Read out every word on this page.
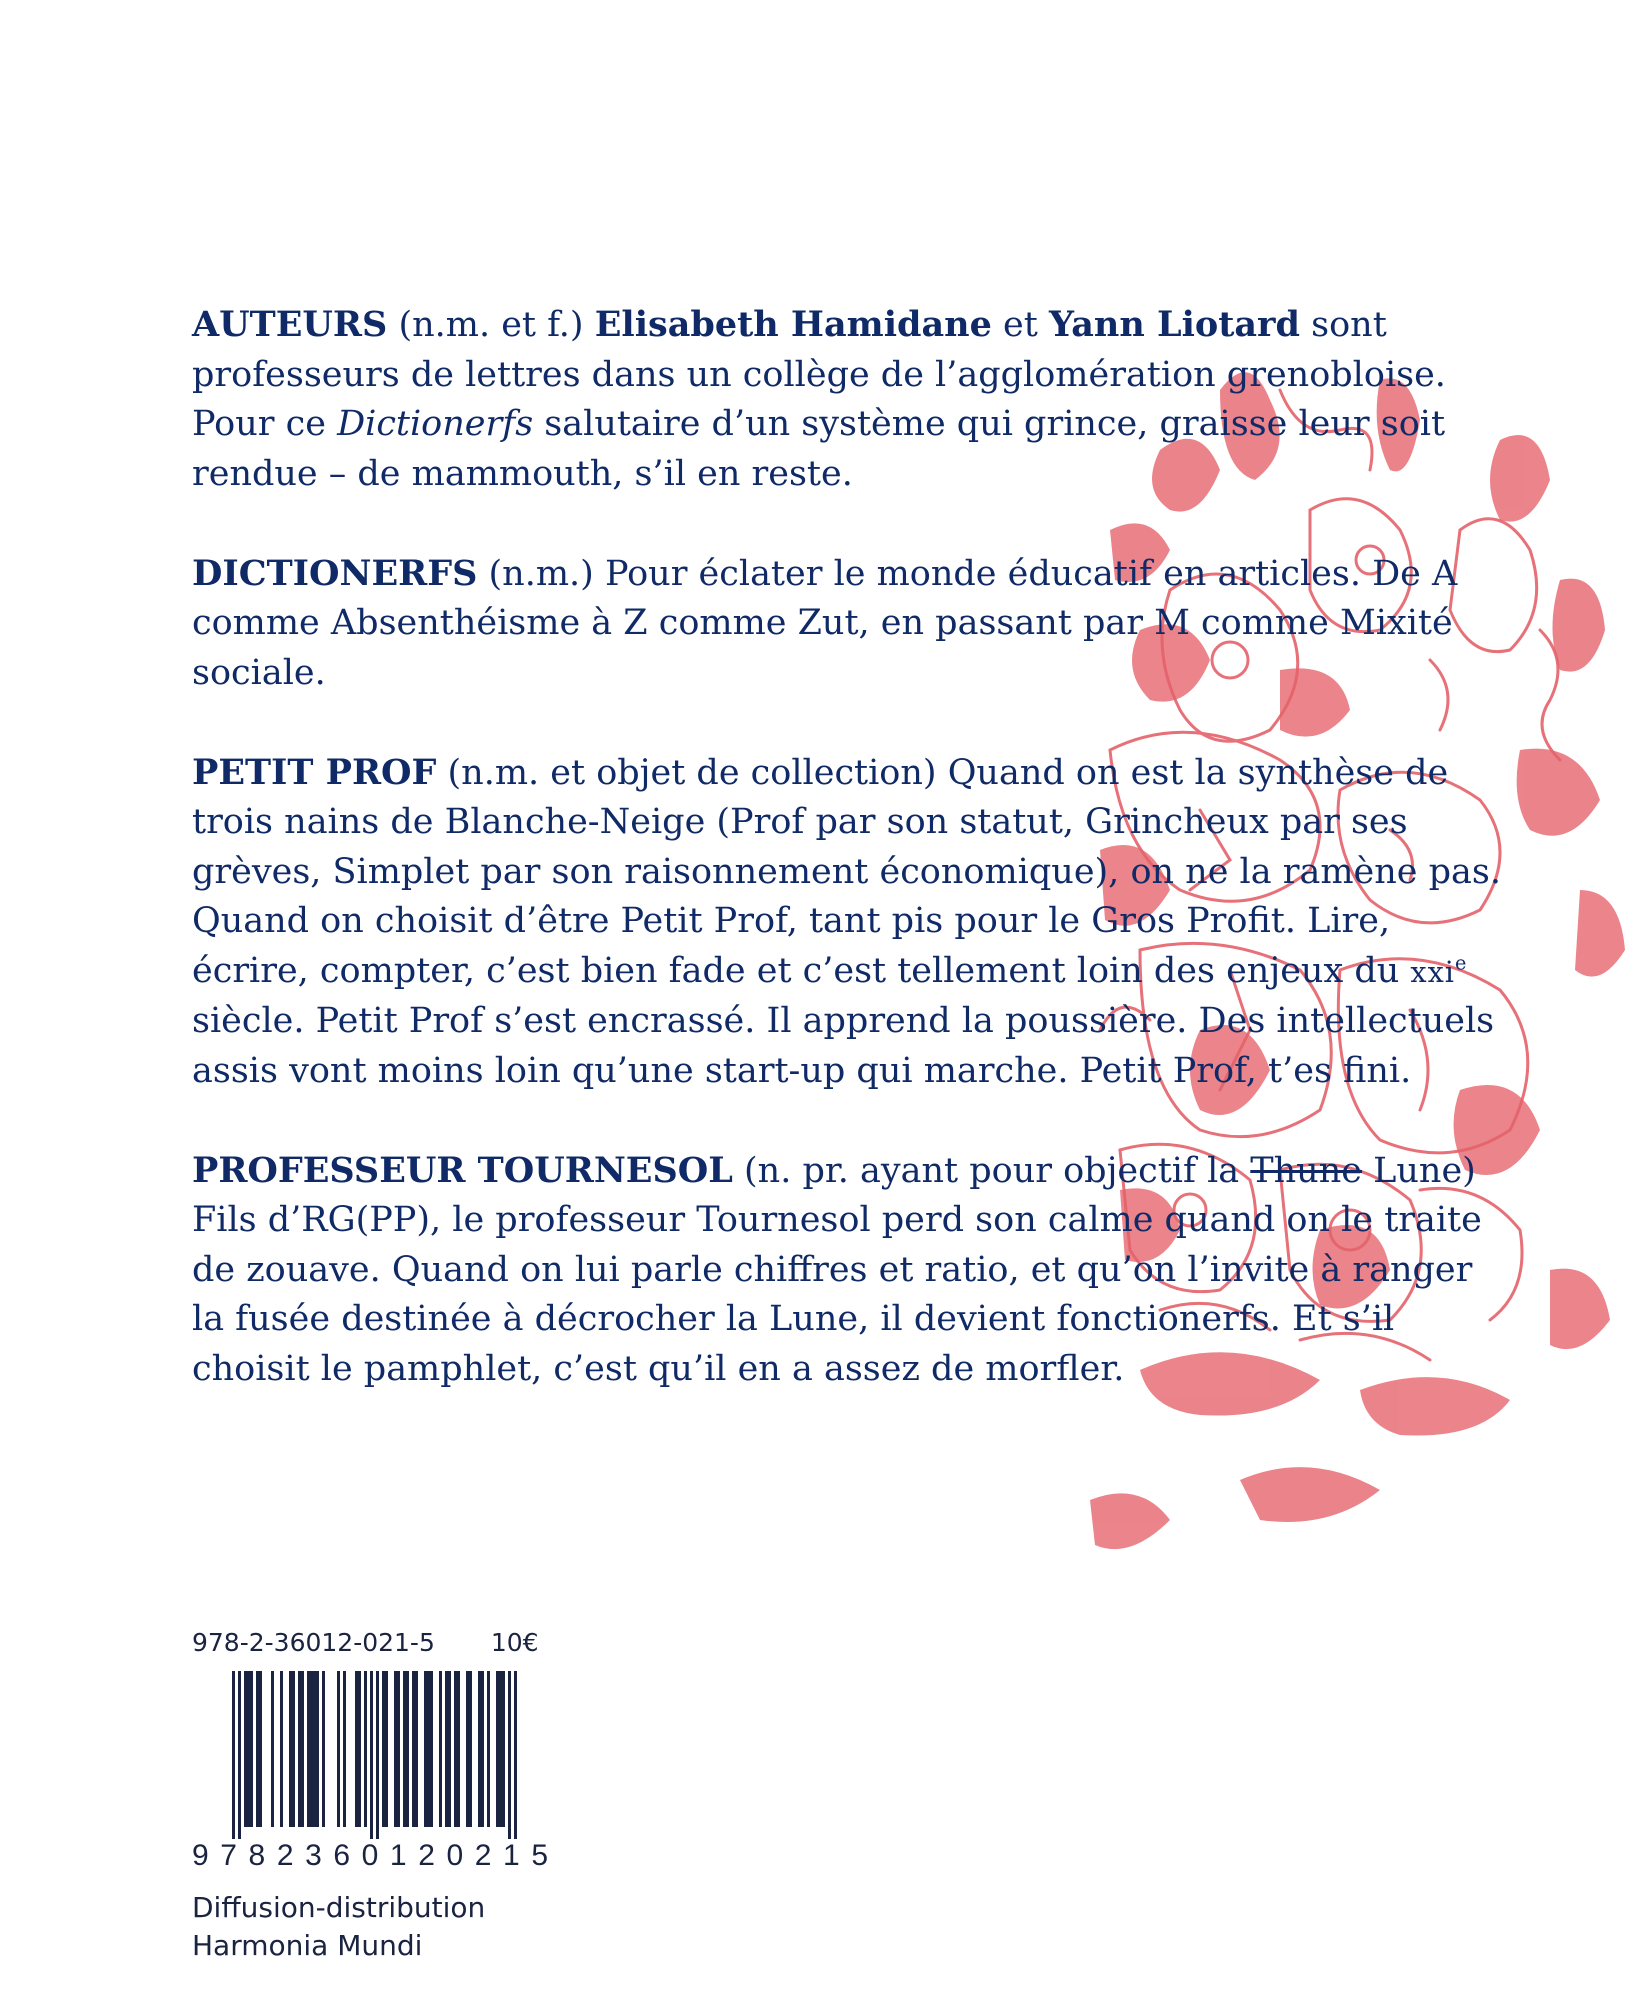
AUTEURS (n.m. et f.) Elisabeth Hamidane et Yann Liotard sont professeurs de lettres dans un collège de l’agglomération grenobloise. Pour ce Dictionerfs salutaire d’un système qui grince, graisse leur soit rendue – de mammouth, s’il en reste.

DICTIONERFS (n.m.) Pour éclater le monde éducatif en articles. De A comme Absenthéisme à Z comme Zut, en passant par M comme Mixité sociale.

PETIT PROF (n.m. et objet de collection) Quand on est la synthèse de trois nains de Blanche-Neige (Prof par son statut, Grincheux par ses grèves, Simplet par son raisonnement économique), on ne la ramène pas.

Quand on choisit d’être Petit Prof, tant pis pour le Gros Profit. Lire, écrire, compter, c’est bien fade et c’est tellement loin des enjeux du xxi$^e$ siècle. Petit Prof s’est encrassé. Il apprend la poussière. Des intellectuels assis vont moins loin qu’une start-up qui marche. Petit Prof, t’es fini.

PROFESSEUR TOURNESOL (n. pr. ayant pour objectif la Thune Lune)
Fils d’RG(PP), le professeur Tournesol perd son calme quand on le traite de zouave. Quand on lui parle chiffres et ratio, et qu’on l’invite à ranger la fusée destinée à décrocher la Lune, il devient fonctionerfs. Et s’il choisit le pamphlet, c’est qu’il en a assez de morfler.

978-2-36012-021-5 10€
9782360120215
Diffusion-distribution
Harmonia Mundi
